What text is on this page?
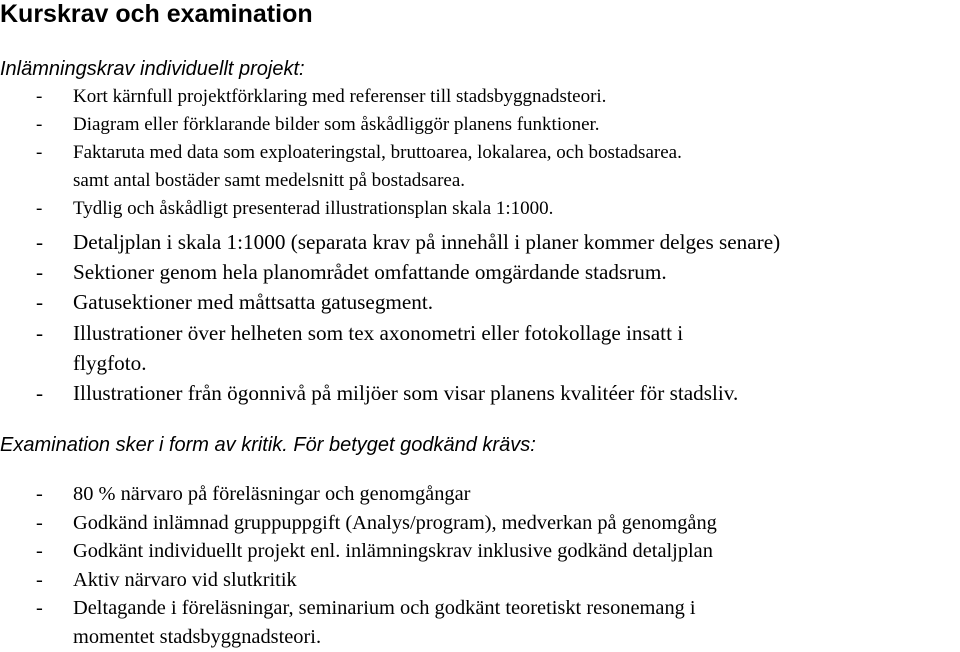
Kurskrav och examination

Inlämningskrav individuellt projekt:

- Kort kärnfull projektförklaring med referenser till stadsbyggnadsteori.
- Diagram eller förklarande bilder som åskådliggör planens funktioner.
- Faktaruta med data som exploateringstal, bruttoarea, lokalarea, och bostadsarea.
samt antal bostäder samt medelsnitt på bostadsarea.
- Tydlig och åskådligt presenterad illustrationsplan skala 1:1000.
- Detaljplan i skala 1:1000 (separata krav på innehåll i planer kommer delges senare)
- Sektioner genom hela planområdet omfattande omgärdande stadsrum.
- Gatusektioner med måttsatta gatusegment.
- Illustrationer över helheten som tex axonometri eller fotokollage insatt i
flygfoto.
- Illustrationer från ögonnivå på miljöer som visar planens kvalitéer för stadsliv.

Examination sker i form av kritik. För betyget godkänd krävs:

- 80 % närvaro på föreläsningar och genomgångar
- Godkänd inlämnad gruppuppgift (Analys/program), medverkan på genomgång
- Godkänt individuellt projekt enl. inlämningskrav inklusive godkänd detaljplan
- Aktiv närvaro vid slutkritik
- Deltagande i föreläsningar, seminarium och godkänt teoretiskt resonemang i
momentet stadsbyggnadsteori.
